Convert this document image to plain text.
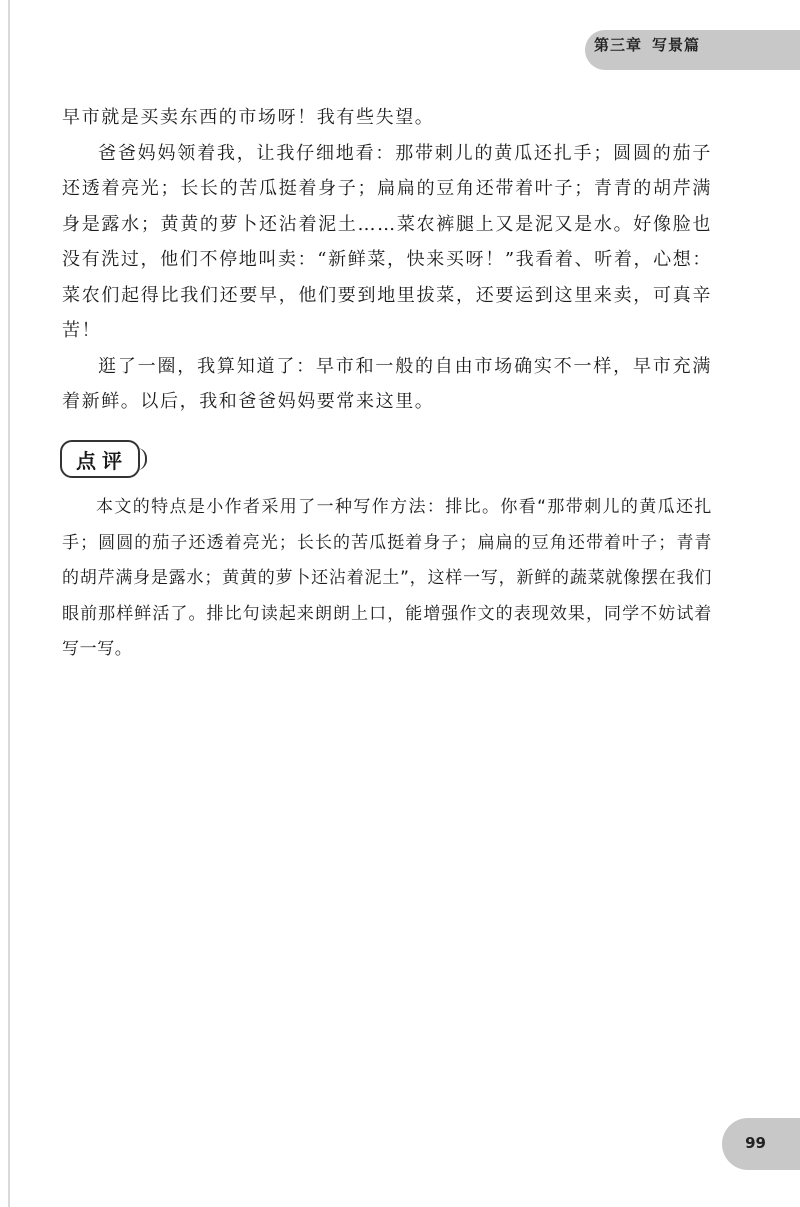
第三章 写景篇

早市就是买卖东西的市场呀！我有些失望。

爸爸妈妈领着我，让我仔细地看：那带刺儿的黄瓜还扎手；圆圆的茄子还透着亮光；长长的苦瓜挺着身子；扁扁的豆角还带着叶子；青青的胡芹满身是露水；黄黄的萝卜还沾着泥土……菜农裤腿上又是泥又是水。好像脸也没有洗过，他们不停地叫卖：“新鲜菜，快来买呀！”我看着、听着，心想：菜农们起得比我们还要早，他们要到地里拔菜，还要运到这里来卖，可真辛苦！

逛了一圈，我算知道了：早市和一般的自由市场确实不一样，早市充满着新鲜。以后，我和爸爸妈妈要常来这里。

点评

本文的特点是小作者采用了一种写作方法：排比。你看“那带刺儿的黄瓜还扎手；圆圆的茄子还透着亮光；长长的苦瓜挺着身子；扁扁的豆角还带着叶子；青青的胡芹满身是露水；黄黄的萝卜还沾着泥土”，这样一写，新鲜的蔬菜就像摆在我们眼前那样鲜活了。排比句读起来朗朗上口，能增强作文的表现效果，同学不妨试着写一写。

99
